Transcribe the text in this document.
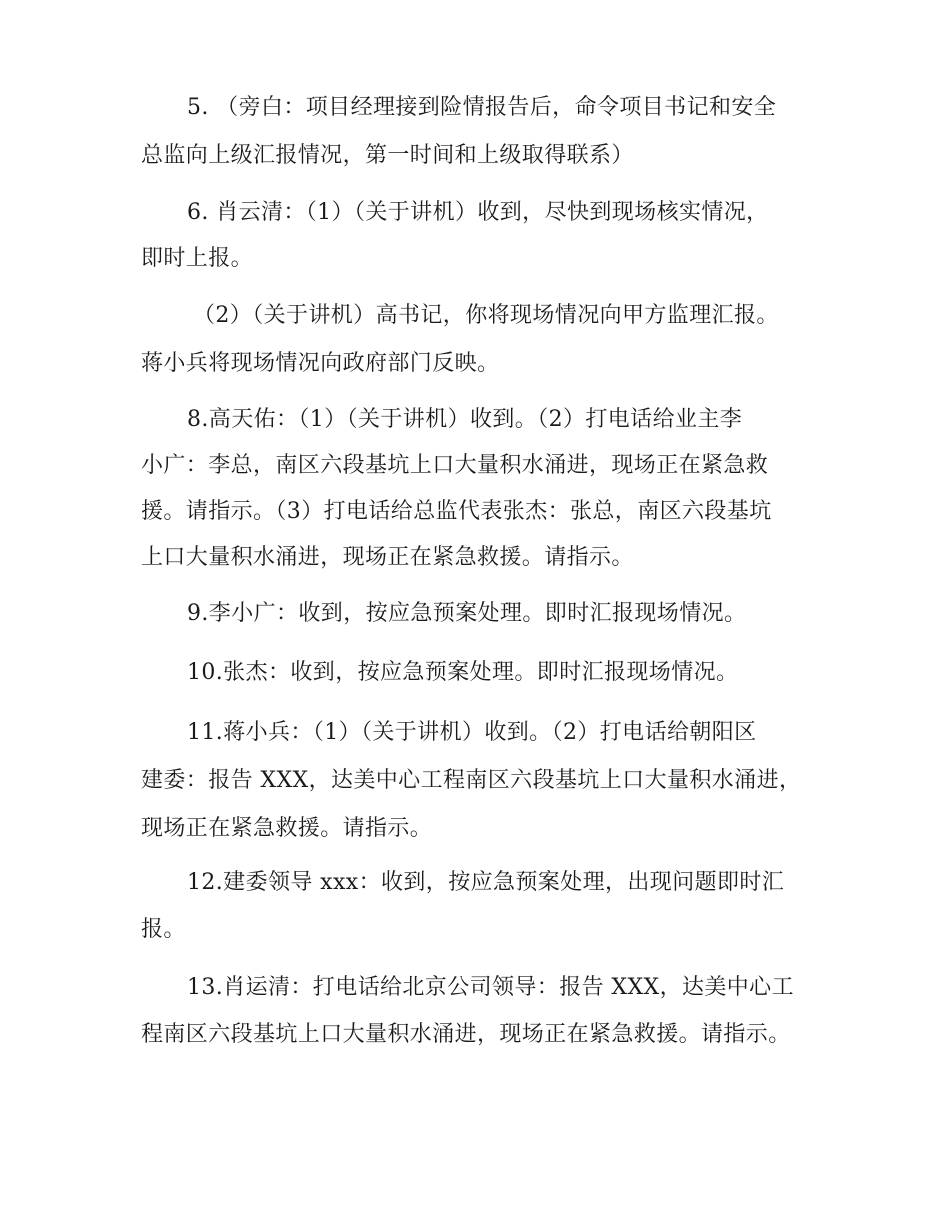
5. （旁白：项目经理接到险情报告后，命令项目书记和安全
总监向上级汇报情况，第一时间和上级取得联系）
6. 肖云清：（1）（关于讲机）收到，尽快到现场核实情况，
即时上报。
（2）（关于讲机）高书记，你将现场情况向甲方监理汇报。
蒋小兵将现场情况向政府部门反映。
8.高天佑：（1）（关于讲机）收到。（2）打电话给业主李
小广：李总，南区六段基坑上口大量积水涌进，现场正在紧急救
援。请指示。（3）打电话给总监代表张杰：张总，南区六段基坑
上口大量积水涌进，现场正在紧急救援。请指示。
9.李小广：收到，按应急预案处理。即时汇报现场情况。
10.张杰：收到，按应急预案处理。即时汇报现场情况。
11.蒋小兵：（1）（关于讲机）收到。（2）打电话给朝阳区
建委：报告 XXX，达美中心工程南区六段基坑上口大量积水涌进，
现场正在紧急救援。请指示。
12.建委领导 xxx：收到，按应急预案处理，出现问题即时汇
报。
13.肖运清：打电话给北京公司领导：报告 XXX，达美中心工
程南区六段基坑上口大量积水涌进，现场正在紧急救援。请指示。
